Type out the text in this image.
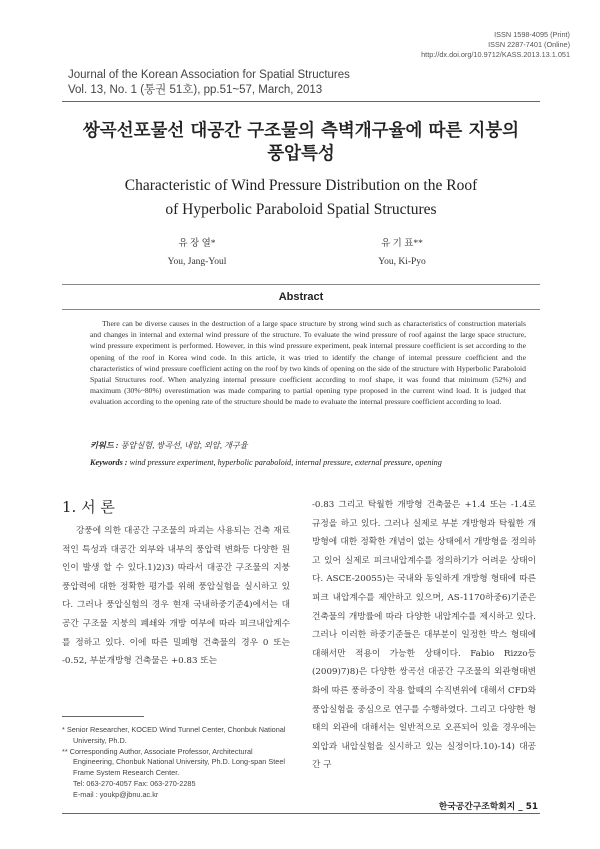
ISSN 1598-4095 (Print)
ISSN 2287-7401 (Online)
http://dx.doi.org/10.9712/KASS.2013.13.1.051
Journal of the Korean Association for Spatial Structures
Vol. 13, No. 1 (통권 51호), pp.51~57, March, 2013
쌍곡선포물선 대공간 구조물의 측벽개구율에 따른 지붕의
풍압특성
Characteristic of Wind Pressure Distribution on the Roof
of Hyperbolic Paraboloid Spatial Structures
유 장 열*
You, Jang-Youl
유 기 표**
You, Ki-Pyo
Abstract
There can be diverse causes in the destruction of a large space structure by strong wind such as characteristics of construction materials and changes in internal and external wind pressure of the structure. To evaluate the wind pressure of roof against the large space structure, wind pressure experiment is performed. However, in this wind pressure experiment, peak internal pressure coefficient is set according to the opening of the roof in Korea wind code. In this article, it was tried to identify the change of internal pressure coefficient and the characteristics of wind pressure coefficient acting on the roof by two kinds of opening on the side of the structure with Hyperbolic Paraboloid Spatial Structures roof. When analyzing internal pressure coefficient according to roof shape, it was found that minimum (52%) and maximum (30%~80%) overestimation was made comparing to partial opening type proposed in the current wind load. It is judged that evaluation according to the opening rate of the structure should be made to evaluate the internal pressure coefficient according to load.
키워드 : 풍압실험, 쌍곡선, 내압, 외압, 개구율
Keywords : wind pressure experiment, hyperbolic paraboloid, internal pressure, external pressure, opening
1. 서 론
강풍에 의한 대공간 구조물의 파괴는 사용되는 건축 재료적인 특성과 대공간 외부와 내부의 풍압력 변화등 다양한 원인이 발생 할 수 있다.1)2)3) 따라서 대공간 구조물의 지붕 풍압력에 대한 정확한 평가를 위해 풍압실험을 실시하고 있다. 그러나 풍압실험의 경우 현재 국내하중기준4)에서는 대공간 구조물 지붕의 폐쇄와 개방 여부에 따라 피크내압계수를 정하고 있다. 이에 따른 밀폐형 건축물의 경우 0 또는 -0.52, 부분개방형 건축물은 +0.83 또는
-0.83 그리고 탁월한 개방형 건축물은 +1.4 또는 -1.4로 규정을 하고 있다. 그러나 실제로 부분 개방형과 탁월한 개방형에 대한 정확한 개념이 없는 상태에서 개방형을 정의하고 있어 실제로 피크내압계수를 정의하기가 어려운 상태이다. ASCE-20055)는 국내와 동일하게 개방형 형태에 따른 피크 내압계수를 제안하고 있으며, AS-1170하중6)기준은 건축물의 개방률에 따라 다양한 내압계수를 제시하고 있다. 그러나 이러한 하중기준들은 대부분이 일정한 박스 형태에 대해서만 적용이 가능한 상태이다. Fabio Rizzo등(2009)7)8)은 다양한 쌍곡선 대공간 구조물의 외관형태변화에 따른 풍하중이 작용 할때의 수직변위에 대해서 CFD와 풍압실험을 중심으로 연구를 수행하였다. 그리고 다양한 형태의 외관에 대해서는 일반적으로 오픈되어 있을 경우에는 외압과 내압실험을 실시하고 있는 실정이다.10)-14) 대공간 구
* Senior Researcher, KOCED Wind Tunnel Center, Chonbuk National University, Ph.D.
** Corresponding Author, Associate Professor, Architectural Engineering, Chonbuk National University, Ph.D. Long-span Steel Frame System Research Center.
Tel: 063-270-4057 Fax: 063-270-2285
E-mail : youkp@jbnu.ac.kr
한국공간구조학회지 _ 51
